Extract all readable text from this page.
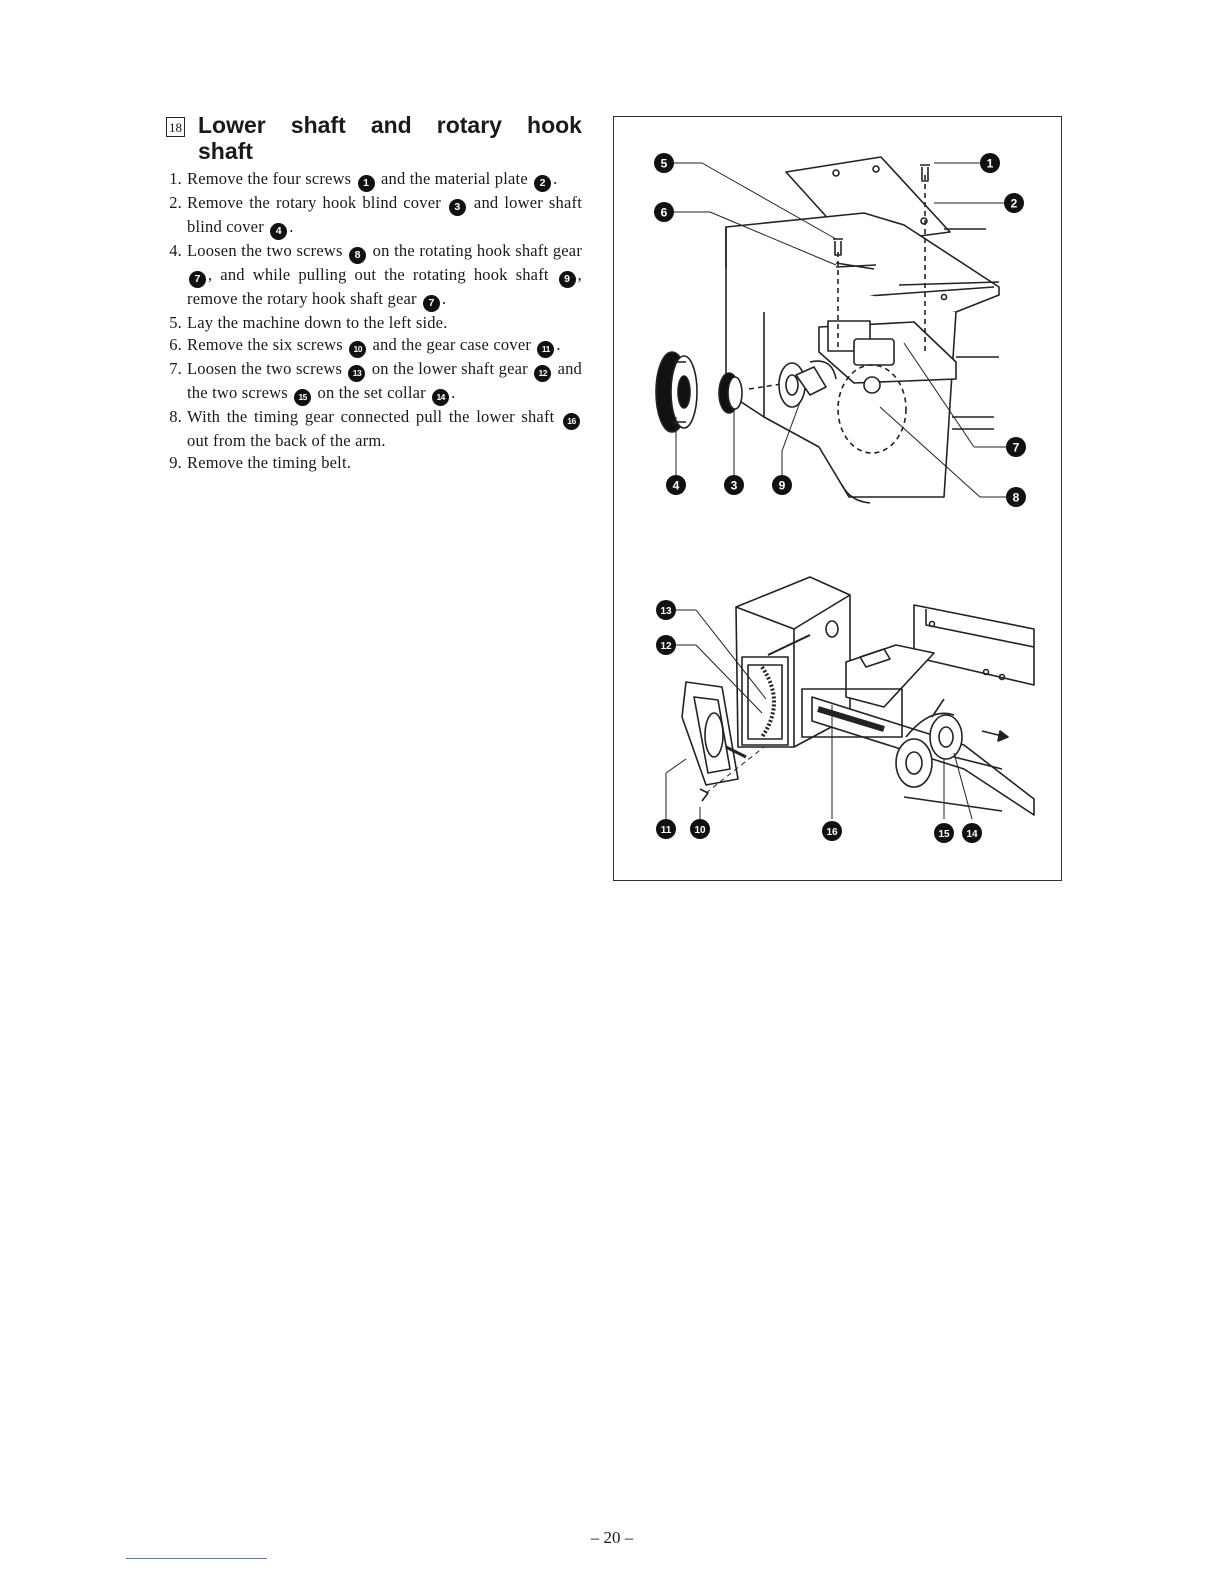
18 Lower shaft and rotary hook
shaft
1. Remove the four screws 1 and the material plate 2 .
2. Remove the rotary hook blind cover 3 and lower shaft blind cover 4 .
4. Loosen the two screws 8 on the rotating hook shaft gear 7 , and while pulling out the rotating hook shaft 9 , remove the rotary hook shaft gear 7 .
5. Lay the machine down to the left side.
6. Remove the six screws 10 and the gear case cover 11 .
7. Loosen the two screws 13 on the lower shaft gear 12 and the two screws 15 on the set collar 14 .
8. With the timing gear connected pull the lower shaft 16 out from the back of the arm.
9. Remove the timing belt.
5
6
1
2
7
8
4	3	9
13
12
11 10	16	15 14
– 20 –
